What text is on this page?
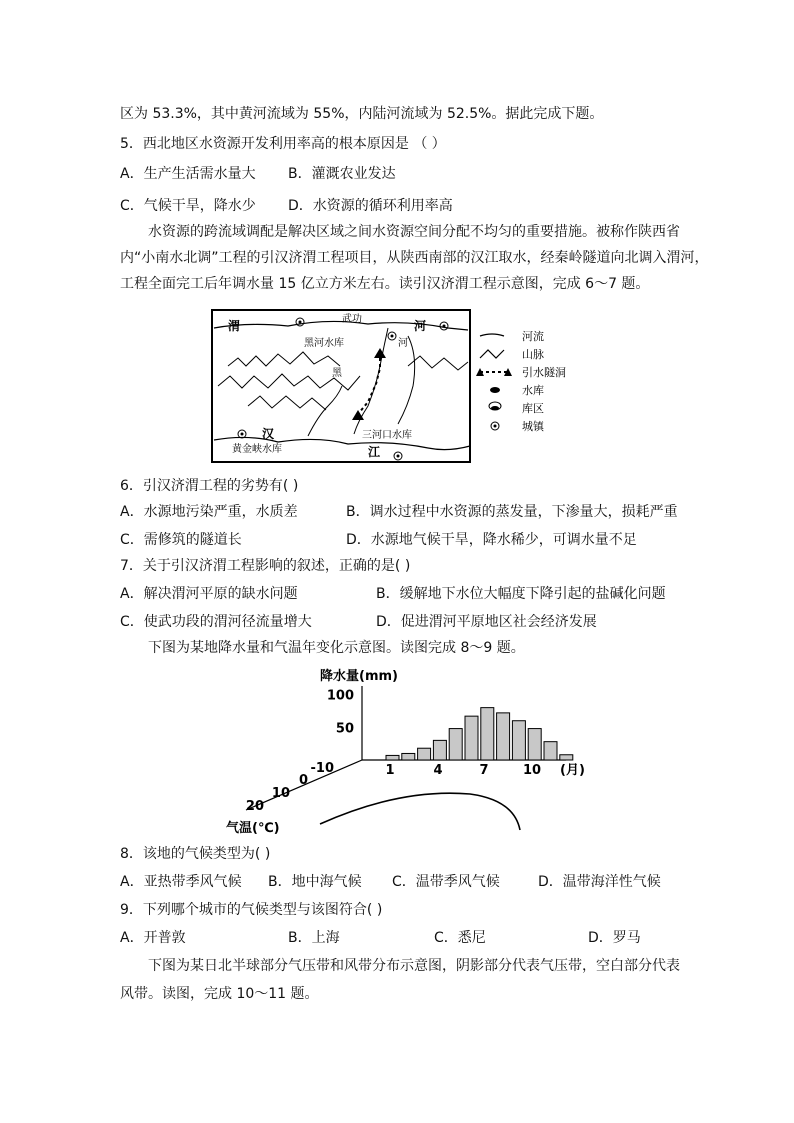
区为 53.3%，其中黄河流域为 55%，内陆河流域为 52.5%。据此完成下题。
5．西北地区水资源开发利用率高的根本原因是 （ ）
A．生产生活需水量大 B．灌溉农业发达
C．气候干旱，降水少 D．水资源的循环利用率高
水资源的跨流域调配是解决区域之间水资源空间分配不均匀的重要措施。被称作陕西省
内“小南水北调”工程的引汉济渭工程项目，从陕西南部的汉江取水，经秦岭隧道向北调入渭河，
工程全面完工后年调水量 15 亿立方米左右。读引汉济渭工程示意图，完成 6～7 题。
渭	河
武功
河
黑河水库
黑
汉
江
黄金峡水库
三河口水库
河流
山脉
引水隧洞
水库
库区
城镇
6．引汉济渭工程的劣势有( )
A．水源地污染严重，水质差	B．调水过程中水资源的蒸发量，下渗量大，损耗严重
C．需修筑的隧道长	D．水源地气候干旱，降水稀少，可调水量不足
7．关于引汉济渭工程影响的叙述，正确的是( )
A．解决渭河平原的缺水问题	B．缓解地下水位大幅度下降引起的盐碱化问题
C．使武功段的渭河径流量增大	D．促进渭河平原地区社会经济发展
下图为某地降水量和气温年变化示意图。读图完成 8～9 题。
降水量(mm)
100
50
1	4	7	10 (月)
-10
0
10
20
气温(℃)
8．该地的气候类型为( )
A．亚热带季风气候 B．地中海气候 C．温带季风气候	D．温带海洋性气候
9．下列哪个城市的气候类型与该图符合( )
A．开普敦	B．上海	C．悉尼	D．罗马
下图为某日北半球部分气压带和风带分布示意图，阴影部分代表气压带，空白部分代表
风带。读图，完成 10～11 题。
